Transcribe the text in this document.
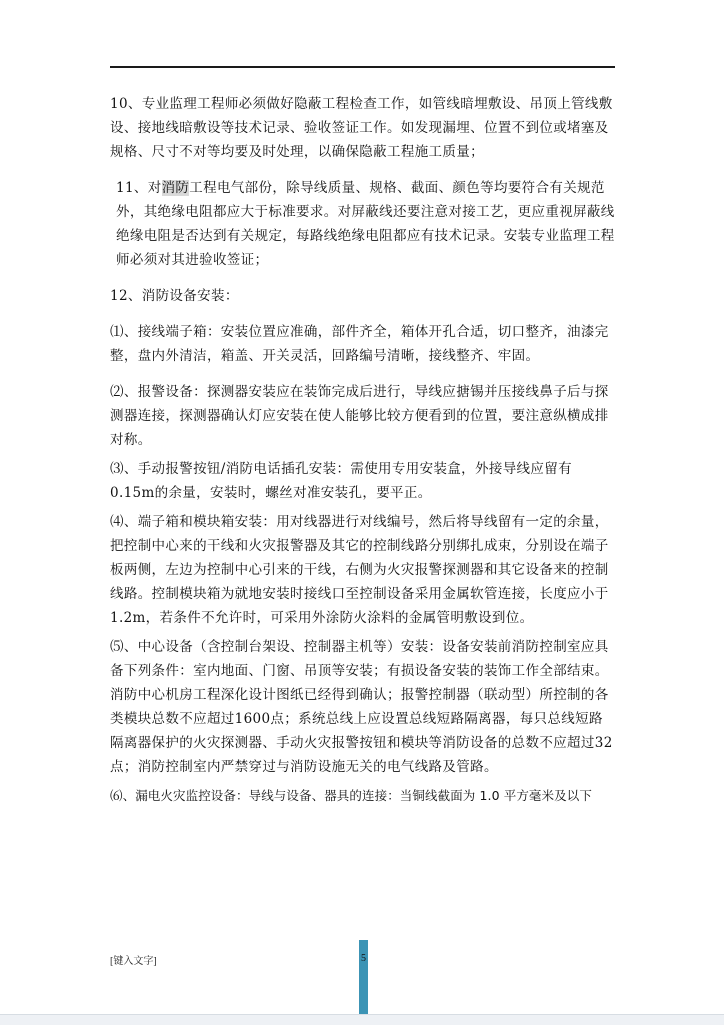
10、专业监理工程师必须做好隐蔽工程检查工作，如管线暗埋敷设、吊顶上管线敷设、接地线暗敷设等技术记录、验收签证工作。如发现漏埋、位置不到位或堵塞及规格、尺寸不对等均要及时处理，以确保隐蔽工程施工质量；

11、对消防工程电气部份，除导线质量、规格、截面、颜色等均要符合有关规范外，其绝缘电阻都应大于标准要求。对屏蔽线还要注意对接工艺，更应重视屏蔽线绝缘电阻是否达到有关规定，每路线绝缘电阻都应有技术记录。安装专业监理工程师必须对其进验收签证；

12、消防设备安装：

⑴、接线端子箱：安装位置应准确，部件齐全，箱体开孔合适，切口整齐，油漆完整，盘内外清洁，箱盖、开关灵活，回路编号清晰，接线整齐、牢固。

⑵、报警设备：探测器安装应在装饰完成后进行，导线应搪锡并压接线鼻子后与探测器连接，探测器确认灯应安装在使人能够比较方便看到的位置，要注意纵横成排对称。

⑶、手动报警按钮/消防电话插孔安装：需使用专用安装盒，外接导线应留有0.15m的余量，安装时，螺丝对准安装孔，要平正。

⑷、端子箱和模块箱安装：用对线器进行对线编号，然后将导线留有一定的余量，把控制中心来的干线和火灾报警器及其它的控制线路分别绑扎成束，分别设在端子板两侧，左边为控制中心引来的干线，右侧为火灾报警探测器和其它设备来的控制线路。控制模块箱为就地安装时接线口至控制设备采用金属软管连接，长度应小于1.2m，若条件不允许时，可采用外涂防火涂料的金属管明敷设到位。

⑸、中心设备（含控制台架设、控制器主机等）安装：设备安装前消防控制室应具备下列条件：室内地面、门窗、吊顶等安装；有损设备安装的装饰工作全部结束。消防中心机房工程深化设计图纸已经得到确认；报警控制器（联动型）所控制的各类模块总数不应超过1600点；系统总线上应设置总线短路隔离器，每只总线短路隔离器保护的火灾探测器、手动火灾报警按钮和模块等消防设备的总数不应超过32点；消防控制室内严禁穿过与消防设施无关的电气线路及管路。

⑹、漏电火灾监控设备：导线与设备、器具的连接：当铜线截面为 1.0 平方毫米及以下

[键入文字]	5
